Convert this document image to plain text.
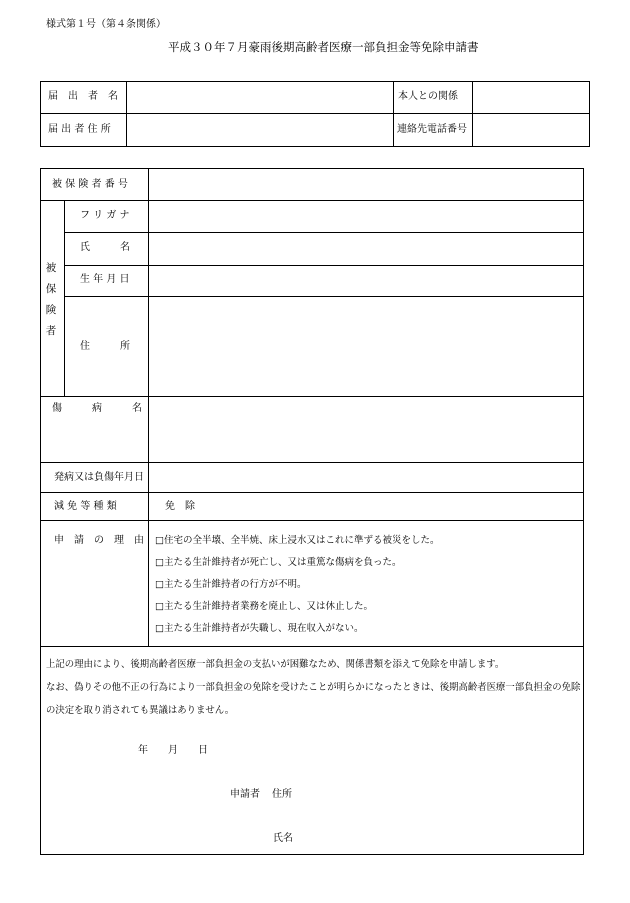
様式第１号（第４条関係）
平成３０年７月豪雨後期高齢者医療一部負担金等免除申請書
届　出　者　名	本人との関係
届 出 者 住 所	連絡先電話番号
被 保 険 者 番 号
被保険者
フ リ ガ ナ
氏　　　名
生 年 月 日
住　　　所
傷　　　病　　　名
発病又は負傷年月日
減 免 等 種 類	免　除
申　請　の　理　由 □住宅の全半壊、全半焼、床上浸水又はこれに準ずる被災をした。
□主たる生計維持者が死亡し、又は重篤な傷病を負った。
□主たる生計維持者の行方が不明。
□主たる生計維持者業務を廃止し、又は休止した。
□主たる生計維持者が失職し、現在収入がない。
上記の理由により、後期高齢者医療一部負担金の支払いが困難なため、関係書類を添えて免除を申請します。
なお、偽りその他不正の行為により一部負担金の免除を受けたことが明らかになったときは、後期高齢者医療一部負担金の免除
の決定を取り消されても異議はありません。
年　　月　　日
申請者 住所
氏名
